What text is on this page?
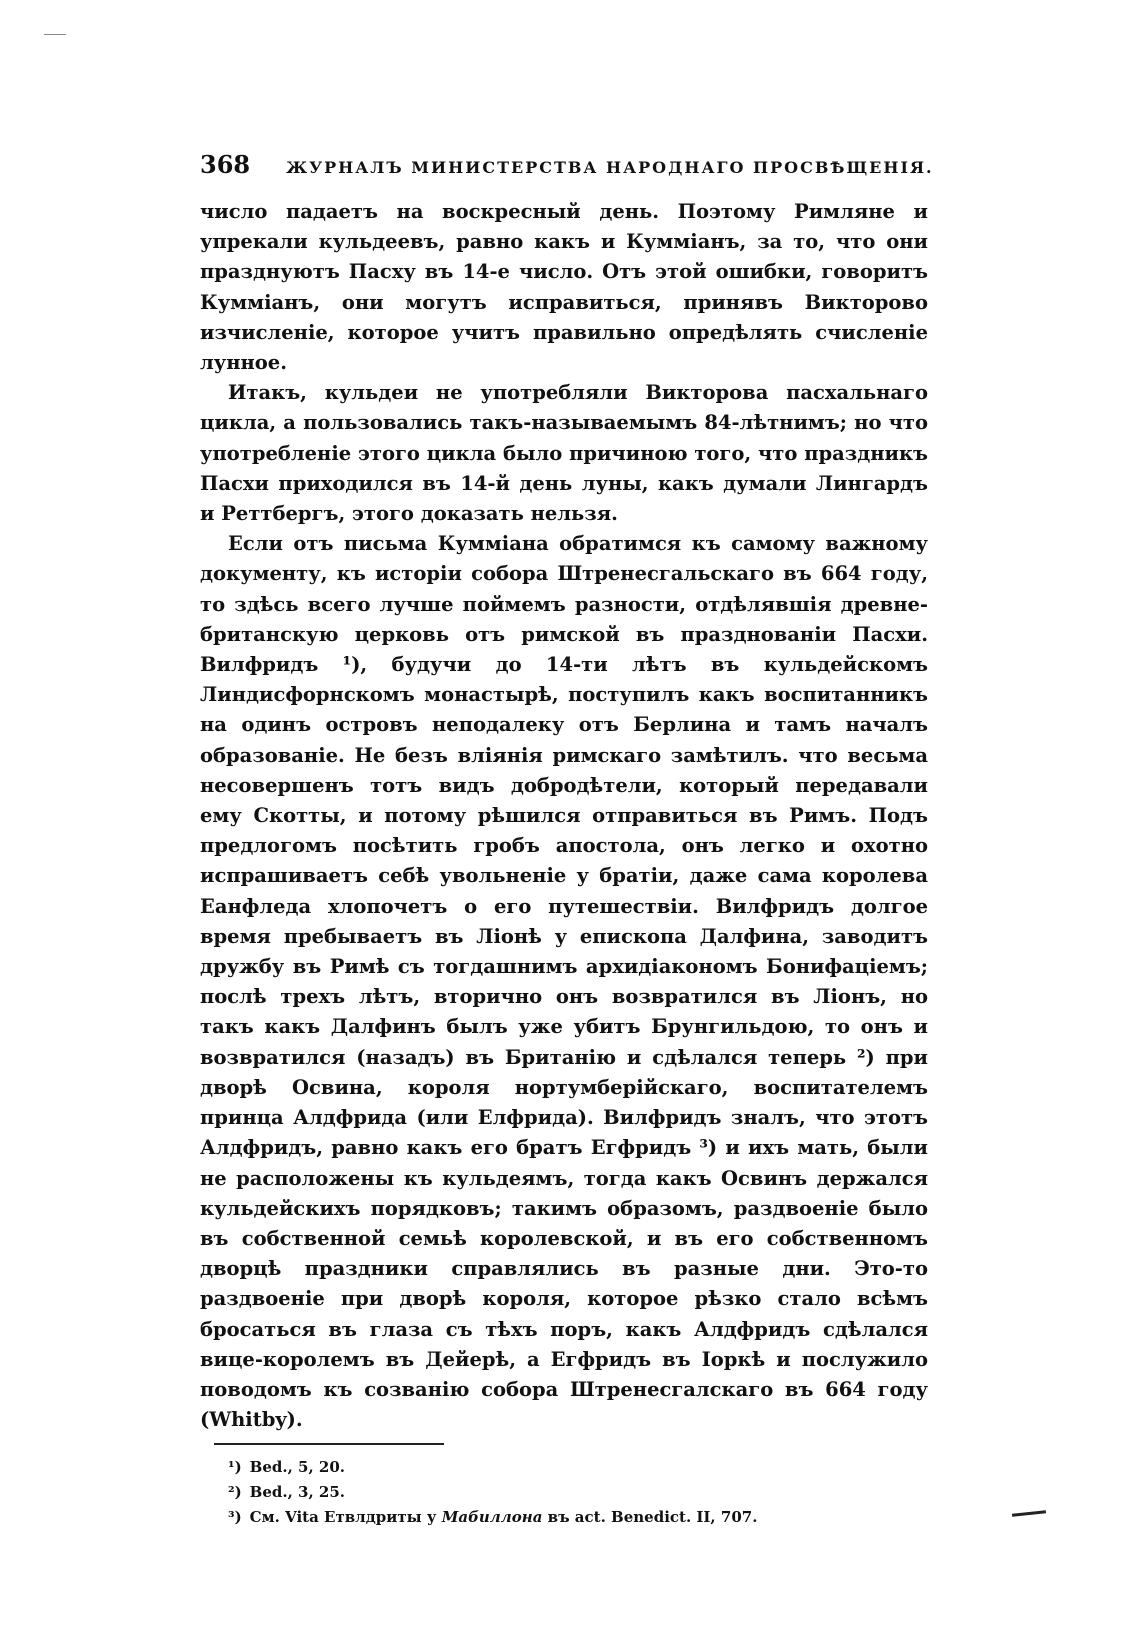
368 ЖУРНАЛЪ МИНИСТЕРСТВА НАРОДНАГО ПРОСВѢЩЕНІЯ.

число падаетъ на воскресный день. Поэтому Римляне и упрекали кульдеевъ, равно какъ и Куммiанъ, за то, что они празднуютъ Пасху въ 14-е число. Отъ этой ошибки, говоритъ Куммiанъ, они могутъ исправиться, принявъ Викторово изчисленiе, которое учитъ правильно опредѣлять счисленiе лунное.

Итакъ, кульдеи не употребляли Викторова пасхальнаго цикла, а пользовались такъ-называемымъ 84-лѣтнимъ; но что употребленiе этого цикла было причиною того, что праздникъ Пасхи приходился въ 14-й день луны, какъ думали Лингардъ и Реттбергъ, этого доказать нельзя.

Если отъ письма Куммiана обратимся къ самому важному документу, къ исторiи собора Штренесгальскаго въ 664 году, то здѣсь всего лучше поймемъ разности, отдѣлявшiя древне-британскую церковь отъ римской въ празднованiи Пасхи. Вилфридъ ¹), будучи до 14-ти лѣтъ въ кульдейскомъ Линдисфорнскомъ монастырѣ, поступилъ какъ воспитанникъ на одинъ островъ неподалеку отъ Берлина и тамъ началъ образованiе. Не безъ влiянiя римскаго замѣтилъ. что весьма несовершенъ тотъ видъ добродѣтели, который передавали ему Скотты, и потому рѣшился отправиться въ Римъ. Подъ предлогомъ посѣтить гробъ апостола, онъ легко и охотно испрашиваетъ себѣ увольненiе у братiи, даже сама королева Еанфледа хлопочетъ о его путешествiи. Вилфридъ долгое время пребываетъ въ Лiонѣ у епископа Далфина, заводитъ дружбу въ Римѣ съ тогдашнимъ архидiакономъ Бонифацiемъ; послѣ трехъ лѣтъ, вторично онъ возвратился въ Лiонъ, но такъ какъ Далфинъ былъ уже убитъ Брунгильдою, то онъ и возвратился (назадъ) въ Британiю и сдѣлался теперь ²) при дворѣ Освина, короля нортумберiйскаго, воспитателемъ принца Алдфрида (или Елфрида). Вилфридъ зналъ, что этотъ Алдфридъ, равно какъ его братъ Егфридъ ³) и ихъ мать, были не расположены къ кульдеямъ, тогда какъ Освинъ держался кульдейскихъ порядковъ; такимъ образомъ, раздвоенiе было въ собственной семьѣ королевской, и въ его собственномъ дворцѣ праздники справлялись въ разные дни. Это-то раздвоенiе при дворѣ короля, которое рѣзко стало всѣмъ бросаться въ глаза съ тѣхъ поръ, какъ Алдфридъ сдѣлался вице-королемъ въ Дейерѣ, а Егфридъ въ Iоркѣ и послужило поводомъ къ созванiю собора Штренесгалскаго въ 664 году (Whitby).

¹) Bed., 5, 20.
²) Bed., 3, 25.
³) См. Vita Етвлдриты у Мабиллона въ act. Benedict. II, 707.
